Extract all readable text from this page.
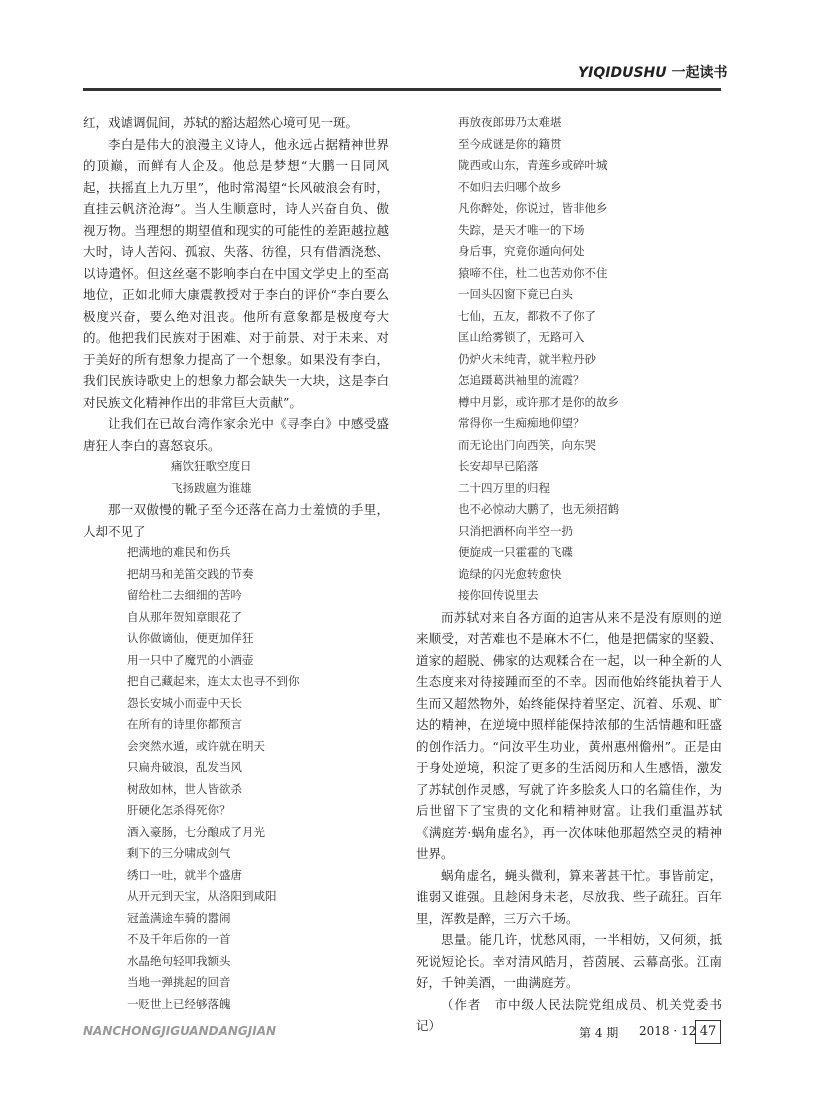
YIQIDUSHU 一起读书

红，戏谑调侃间，苏轼的豁达超然心境可见一斑。

李白是伟大的浪漫主义诗人，他永远占据精神世界的顶巅，而鲜有人企及。他总是梦想“大鹏一日同风起，扶摇直上九万里”，他时常渴望“长风破浪会有时，直挂云帆济沧海”。当人生顺意时，诗人兴奋自负、傲视万物。当理想的期望值和现实的可能性的差距越拉越大时，诗人苦闷、孤寂、失落、彷徨，只有借酒浇愁、以诗遣怀。但这丝毫不影响李白在中国文学史上的至高地位，正如北师大康震教授对于李白的评价“李白要么极度兴奋，要么绝对沮丧。他所有意象都是极度夸大的。他把我们民族对于困难、对于前景、对于未来、对于美好的所有想象力提高了一个想象。如果没有李白，我们民族诗歌史上的想象力都会缺失一大块，这是李白对民族文化精神作出的非常巨大贡献”。

让我们在已故台湾作家余光中《寻李白》中感受盛唐狂人李白的喜怒哀乐。

痛饮狂歌空度日

飞扬跋扈为谁雄

那一双傲慢的靴子至今还落在高力士羞愤的手里，人却不见了

把满地的难民和伤兵

把胡马和羌笛交践的节奏

留给杜二去细细的苦吟

自从那年贺知章眼花了

认你做谪仙，便更加佯狂

用一只中了魔咒的小酒壶

把自己藏起来，连太太也寻不到你

怨长安城小而壶中天长

在所有的诗里你都预言

会突然水遁，或许就在明天

只扁舟破浪，乱发当风

树敌如林，世人皆欲杀

肝硬化怎杀得死你？

酒入豪肠，七分酿成了月光

剩下的三分啸成剑气

绣口一吐，就半个盛唐

从开元到天宝，从洛阳到咸阳

冠盖满途车骑的嚣闹

不及千年后你的一首

水晶绝句轻叩我额头

当地一弹挑起的回音

一贬世上已经够落魄

再放夜郎毋乃太难堪

至今成谜是你的籍贯

陇西或山东，青莲乡或碎叶城

不如归去归哪个故乡

凡你醉处，你说过，皆非他乡

失踪，是天才唯一的下场

身后事，究竟你遁向何处

猿啼不住，杜二也苦劝你不住

一回头囚窗下竟已白头

七仙，五友，都救不了你了

匡山给雾锁了，无路可入

仍炉火未纯青，就半粒丹砂

怎追蹑葛洪袖里的流霞？

樽中月影，或许那才是你的故乡

常得你一生痴痴地仰望？

而无论出门向西笑，向东哭

长安却早已陷落

二十四万里的归程

也不必惊动大鹏了，也无须招鹤

只消把酒杯向半空一扔

便旋成一只霍霍的飞碟

诡绿的闪光愈转愈快

接你回传说里去

而苏轼对来自各方面的迫害从来不是没有原则的逆来顺受，对苦难也不是麻木不仁，他是把儒家的坚毅、道家的超脱、佛家的达观糅合在一起，以一种全新的人生态度来对待接踵而至的不幸。因而他始终能执着于人生而又超然物外，始终能保持着坚定、沉着、乐观、旷达的精神，在逆境中照样能保持浓郁的生活情趣和旺盛的创作活力。“问汝平生功业，黄州惠州儋州”。正是由于身处逆境，积淀了更多的生活阅历和人生感悟，激发了苏轼创作灵感，写就了许多脍炙人口的名篇佳作，为后世留下了宝贵的文化和精神财富。让我们重温苏轼《满庭芳·蜗角虚名》，再一次体味他那超然空灵的精神世界。

蜗角虚名，蝇头微利，算来著甚干忙。事皆前定，谁弱又谁强。且趁闲身未老，尽放我、些子疏狂。百年里，浑教是醉，三万六千场。

思量。能几许，忧愁风雨，一半相妨，又何须，抵死说短论长。幸对清风皓月，苔茵展、云幕高张。江南好，千钟美酒，一曲满庭芳。

（作者　市中级人民法院党组成员、机关党委书记）

NANCHONGJIGUANDANGJIAN	第 4 期 2018 · 12 47
